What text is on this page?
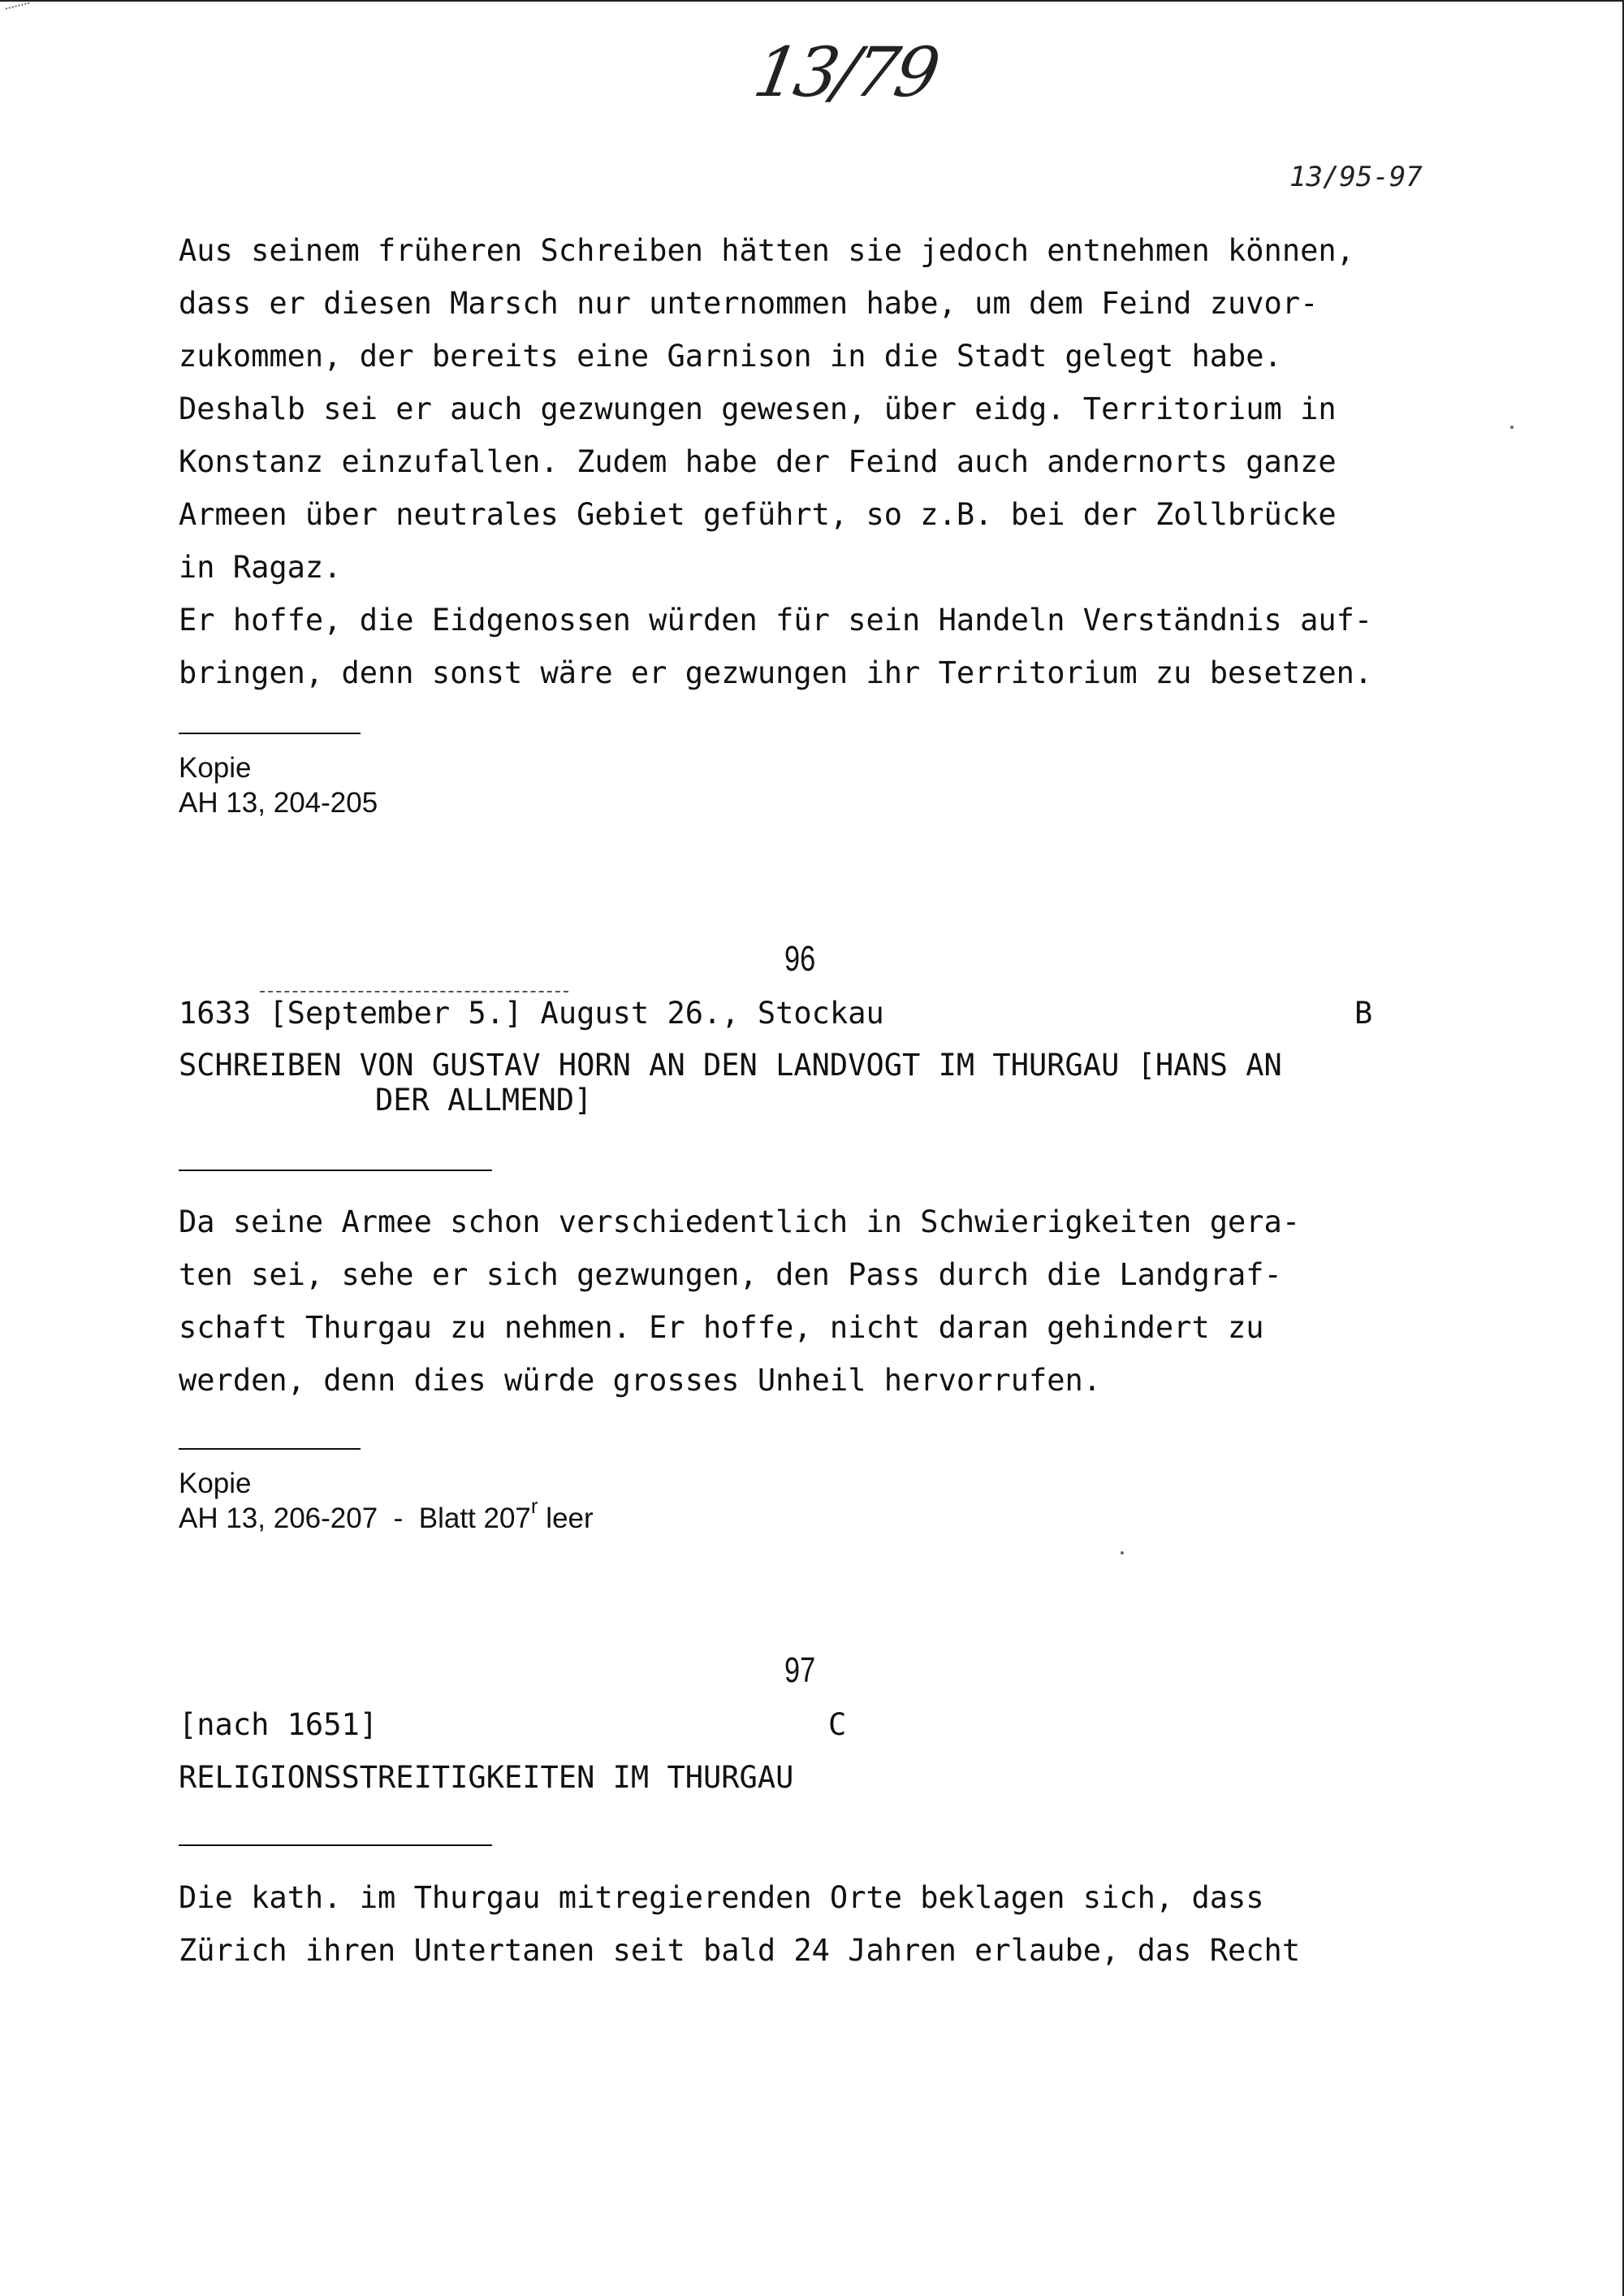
13/79
13/95-97
Aus seinem früheren Schreiben hätten sie jedoch entnehmen können,
dass er diesen Marsch nur unternommen habe, um dem Feind zuvor-
zukommen, der bereits eine Garnison in die Stadt gelegt habe.
Deshalb sei er auch gezwungen gewesen, über eidg. Territorium in
Konstanz einzufallen. Zudem habe der Feind auch andernorts ganze
Armeen über neutrales Gebiet geführt, so z.B. bei der Zollbrücke
in Ragaz.
Er hoffe, die Eidgenossen würden für sein Handeln Verständnis auf-
bringen, denn sonst wäre er gezwungen ihr Territorium zu besetzen.
Kopie
AH 13, 204-205
96
1633 [September 5.] August 26., Stockau	B
SCHREIBEN VON GUSTAV HORN AN DEN LANDVOGT IM THURGAU [HANS AN
DER ALLMEND]
Da seine Armee schon verschiedentlich in Schwierigkeiten gera-
ten sei, sehe er sich gezwungen, den Pass durch die Landgraf-
schaft Thurgau zu nehmen. Er hoffe, nicht daran gehindert zu
werden, denn dies würde grosses Unheil hervorrufen.
Kopie
AH 13, 206-207 - Blatt 207$^r$ leer
97
[nach 1651]	C
RELIGIONSSTREITIGKEITEN IM THURGAU
Die kath. im Thurgau mitregierenden Orte beklagen sich, dass
Zürich ihren Untertanen seit bald 24 Jahren erlaube, das Recht
